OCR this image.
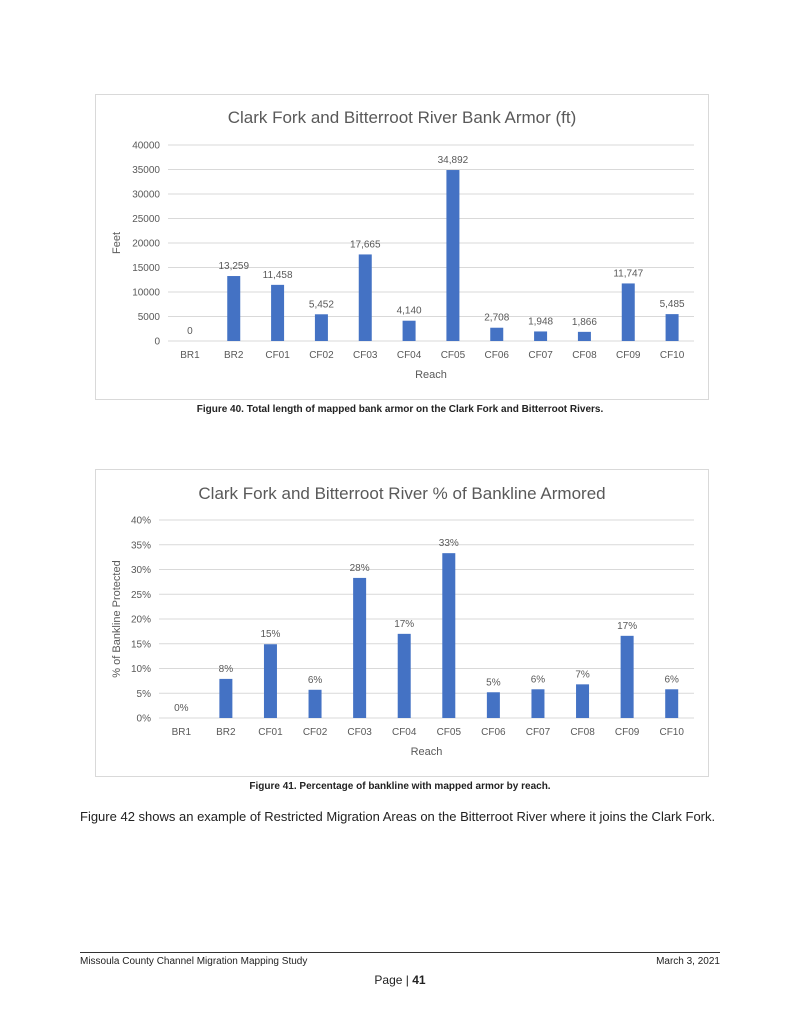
Clark Fork and Bitterroot River Bank Armor (ft)
0
5000
10000
15000
20000
25000
30000
35000
40000
0
BR1
13,259
BR2
11,458
CF01
5,452
CF02
17,665
CF03
4,140
CF04
34,892
CF05
2,708
CF06
1,948
CF07
1,866
CF08
11,747
CF09
5,485
CF10
Reach
Feet
Figure 40. Total length of mapped bank armor on the Clark Fork and Bitterroot Rivers.
Clark Fork and Bitterroot River % of Bankline Armored
0%
5%
10%
15%
20%
25%
30%
35%
40%
0%
BR1
8%
BR2
15%
CF01
6%
CF02
28%
CF03
17%
CF04
33%
CF05
5%
CF06
6%
CF07
7%
CF08
17%
CF09
6%
CF10
Reach
% of Bankline Protected
Figure 41. Percentage of bankline with mapped armor by reach.
Figure 42 shows an example of Restricted Migration Areas on the Bitterroot River where it joins the Clark Fork.
Missoula County Channel Migration Mapping Study	March 3, 2021
Page | 41
